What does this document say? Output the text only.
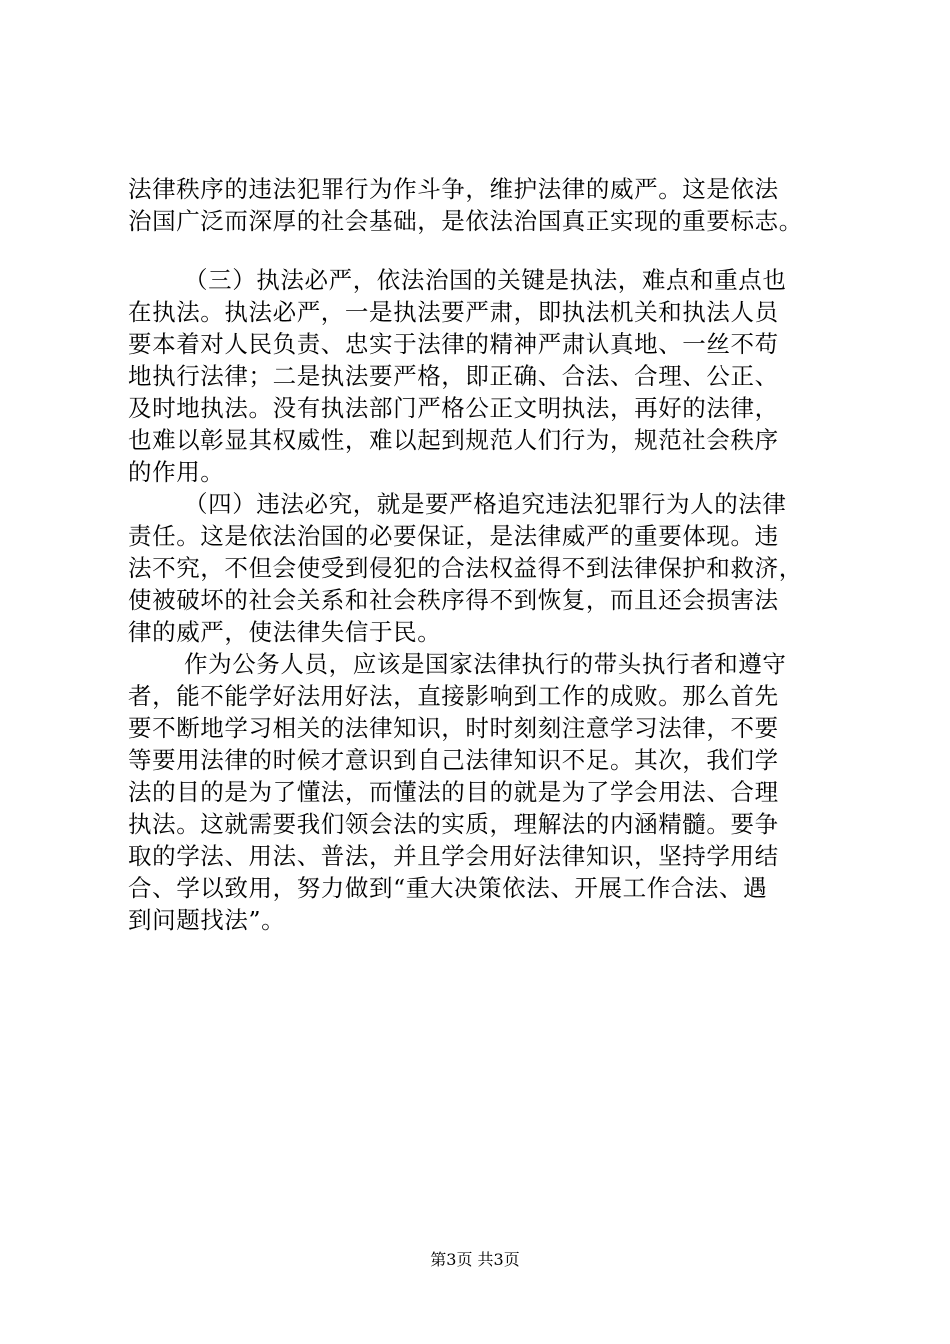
法律秩序的违法犯罪行为作斗争，维护法律的威严。这是依法
治国广泛而深厚的社会基础，是依法治国真正实现的重要标志。
（三）执法必严，依法治国的关键是执法，难点和重点也
在执法。执法必严，一是执法要严肃，即执法机关和执法人员
要本着对人民负责、忠实于法律的精神严肃认真地、一丝不苟
地执行法律；二是执法要严格，即正确、合法、合理、公正、
及时地执法。没有执法部门严格公正文明执法，再好的法律，
也难以彰显其权威性，难以起到规范人们行为，规范社会秩序
的作用。
（四）违法必究，就是要严格追究违法犯罪行为人的法律
责任。这是依法治国的必要保证，是法律威严的重要体现。违
法不究，不但会使受到侵犯的合法权益得不到法律保护和救济，
使被破坏的社会关系和社会秩序得不到恢复，而且还会损害法
律的威严，使法律失信于民。
作为公务人员，应该是国家法律执行的带头执行者和遵守
者，能不能学好法用好法，直接影响到工作的成败。那么首先
要不断地学习相关的法律知识，时时刻刻注意学习法律，不要
等要用法律的时候才意识到自己法律知识不足。其次，我们学
法的目的是为了懂法，而懂法的目的就是为了学会用法、合理
执法。这就需要我们领会法的实质，理解法的内涵精髓。要争
取的学法、用法、普法，并且学会用好法律知识，坚持学用结
合、学以致用，努力做到“重大决策依法、开展工作合法、遇
到问题找法”。
第3页 共3页
